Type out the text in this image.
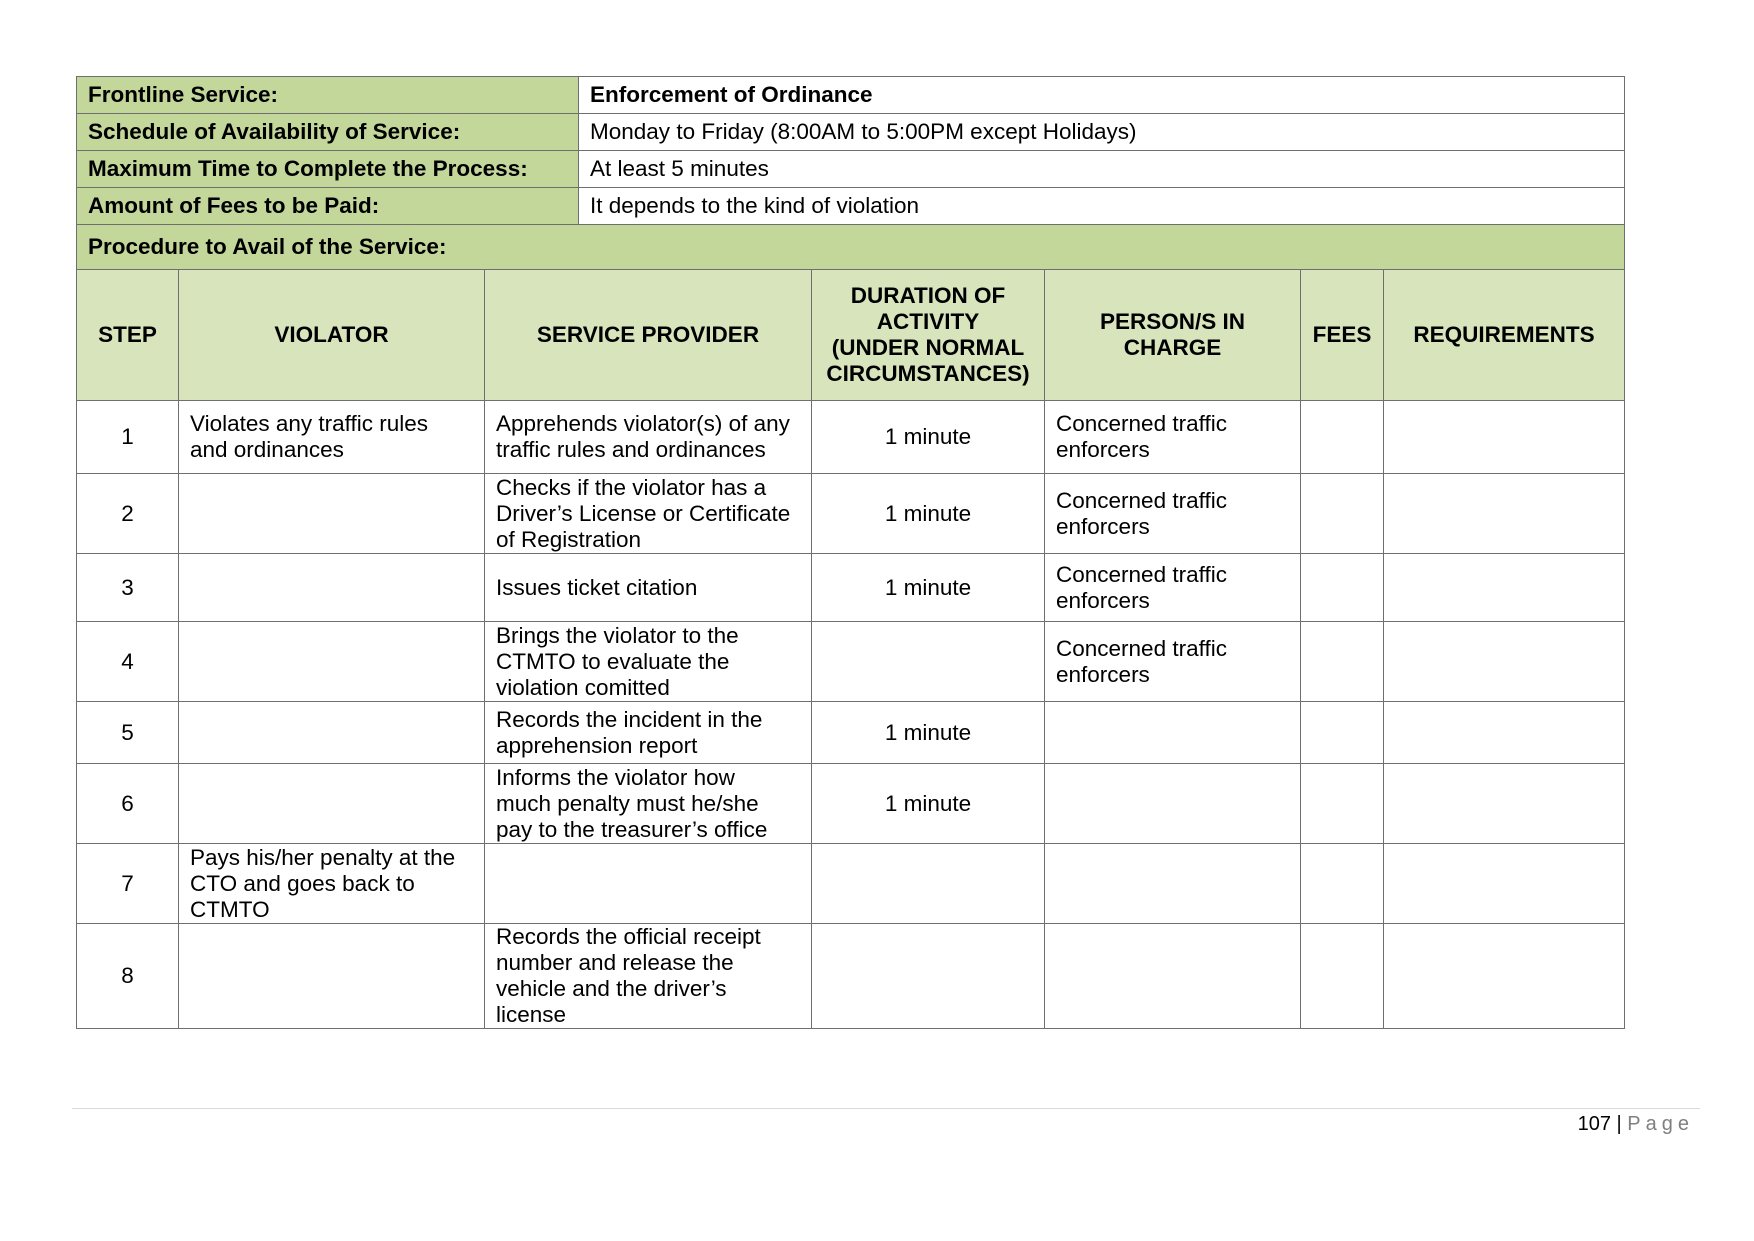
Frontline Service:			Enforcement of Ordinance				
Schedule of Availability of Service:			Monday to Friday (8:00AM to 5:00PM except Holidays)				
Maximum Time to Complete the Process:			At least 5 minutes				
Amount of Fees to be Paid:			It depends to the kind of violation				
Procedure to Avail of the Service:							
STEP	VIOLATOR	SERVICE PROVIDER		DURATION OF
ACTIVITY
(UNDER NORMAL
CIRCUMSTANCES)	PERSON/S IN
CHARGE	FEES	REQUIREMENTS
1	Violates any traffic rules
and ordinances	Apprehends violator(s) of any
traffic rules and ordinances		1 minute	Concerned traffic
enforcers		
2		Checks if the violator has a
Driver’s License or Certificate
of Registration		1 minute	Concerned traffic
enforcers		
3		Issues ticket citation		1 minute	Concerned traffic
enforcers		
4		Brings the violator to the
CTMTO to evaluate the
violation comitted			Concerned traffic
enforcers		
5		Records the incident in the
apprehension report		1 minute			
6		Informs the violator how
much penalty must he/she
pay to the treasurer’s office		1 minute			
7	Pays his/her penalty at the
CTO and goes back to
CTMTO						
8		Records the official receipt
number and release the
vehicle and the driver’s
license					
107 | Page
